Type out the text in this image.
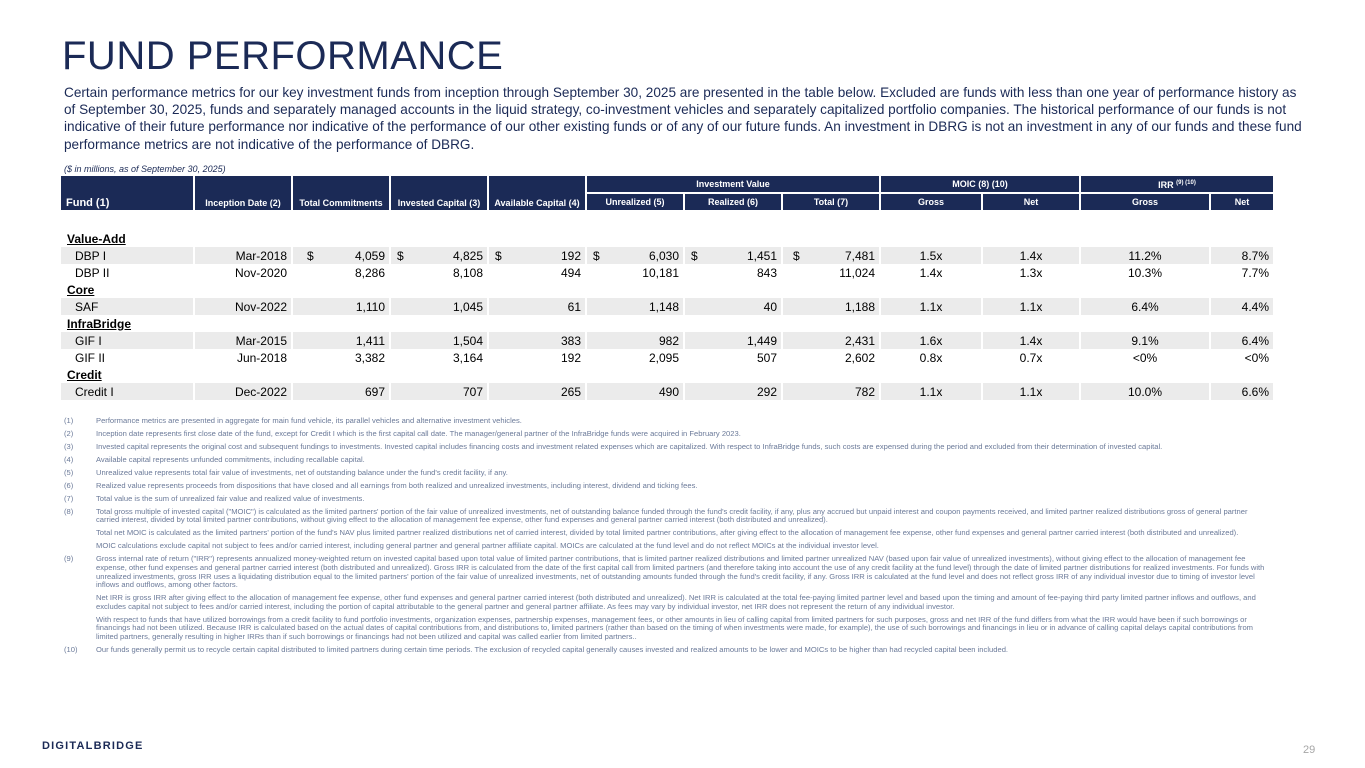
FUND PERFORMANCE

Certain performance metrics for our key investment funds from inception through September 30, 2025 are presented in the table below. Excluded are funds with less than one year of performance history as of September 30, 2025, funds and separately managed accounts in the liquid strategy, co-investment vehicles and separately capitalized portfolio companies. The historical performance of our funds is not indicative of their future performance nor indicative of the performance of our other existing funds or of any of our future funds. An investment in DBRG is not an investment in any of our funds and these fund performance metrics are not indicative of the performance of DBRG.

($ in millions, as of September 30, 2025)
Fund (1)	Inception Date (2)	Total Commitments	Invested Capital (3)	Available Capital (4)	Investment Value			MOIC (8) (10)		IRR $^{(9) (10)}$
					Unrealized (5)	Realized (6)	Total (7)	Gross	Net	Gross	Net

Value-Add											
DBP I	Mar-2018	$ 4,059	$ 4,825	$ 192	$ 6,030	$ 1,451	$ 7,481	1.5x	1.4x	11.2%	8.7%
DBP II	Nov-2020	8,286	8,108	494	10,181	843	11,024	1.4x	1.3x	10.3%	7.7%
Core											
SAF	Nov-2022	1,110	1,045	61	1,148	40	1,188	1.1x	1.1x	6.4%	4.4%
InfraBridge											
GIF I	Mar-2015	1,411	1,504	383	982	1,449	2,431	1.6x	1.4x	9.1%	6.4%
GIF II	Jun-2018	3,382	3,164	192	2,095	507	2,602	0.8x	0.7x	<0%	<0%
Credit											
Credit I	Dec-2022	697	707	265	490	292	782	1.1x	1.1x	10.0%	6.6%
(1)	Performance metrics are presented in aggregate for main fund vehicle, its parallel vehicles and alternative investment vehicles.
(2)	Inception date represents first close date of the fund, except for Credit I which is the first capital call date. The manager/general partner of the InfraBridge funds were acquired in February 2023.
(3)	Invested capital represents the original cost and subsequent fundings to investments. Invested capital includes financing costs and investment related expenses which are capitalized. With respect to InfraBridge funds, such costs are expensed during the period and excluded from their determination of invested capital.
(4)	Available capital represents unfunded commitments, including recallable capital.
(5)	Unrealized value represents total fair value of investments, net of outstanding balance under the fund's credit facility, if any.
(6)	Realized value represents proceeds from dispositions that have closed and all earnings from both realized and unrealized investments, including interest, dividend and ticking fees.
(7)	Total value is the sum of unrealized fair value and realized value of investments.
(8)	Total gross multiple of invested capital ("MOIC") is calculated as the limited partners' portion of the fair value of unrealized investments, net of outstanding balance funded through the fund's credit facility, if any, plus any accrued but unpaid interest and coupon payments received, and limited partner realized distributions gross of general partner carried interest, divided by total limited partner contributions, without giving effect to the allocation of management fee expense, other fund expenses and general partner carried interest (both distributed and unrealized).
Total net MOIC is calculated as the limited partners' portion of the fund's NAV plus limited partner realized distributions net of carried interest, divided by total limited partner contributions, after giving effect to the allocation of management fee expense, other fund expenses and general partner carried interest (both distributed and unrealized).
MOIC calculations exclude capital not subject to fees and/or carried interest, including general partner and general partner affiliate capital. MOICs are calculated at the fund level and do not reflect MOICs at the individual investor level.
(9)	Gross internal rate of return ("IRR") represents annualized money-weighted return on invested capital based upon total value of limited partner contributions, that is limited partner realized distributions and limited partner unrealized NAV (based upon fair value of unrealized investments), without giving effect to the allocation of management fee expense, other fund expenses and general partner carried interest (both distributed and unrealized). Gross IRR is calculated from the date of the first capital call from limited partners (and therefore taking into account the use of any credit facility at the fund level) through the date of limited partner distributions for realized investments. For funds with unrealized investments, gross IRR uses a liquidating distribution equal to the limited partners' portion of the fair value of unrealized investments, net of outstanding amounts funded through the fund's credit facility, if any. Gross IRR is calculated at the fund level and does not reflect gross IRR of any individual investor due to timing of investor level inflows and outflows, among other factors.
Net IRR is gross IRR after giving effect to the allocation of management fee expense, other fund expenses and general partner carried interest (both distributed and unrealized). Net IRR is calculated at the total fee-paying limited partner level and based upon the timing and amount of fee-paying third party limited partner inflows and outflows, and excludes capital not subject to fees and/or carried interest, including the portion of capital attributable to the general partner and general partner affiliate. As fees may vary by individual investor, net IRR does not represent the return of any individual investor.
With respect to funds that have utilized borrowings from a credit facility to fund portfolio investments, organization expenses, partnership expenses, management fees, or other amounts in lieu of calling capital from limited partners for such purposes, gross and net IRR of the fund differs from what the IRR would have been if such borrowings or financings had not been utilized. Because IRR is calculated based on the actual dates of capital contributions from, and distributions to, limited partners (rather than based on the timing of when investments were made, for example), the use of such borrowings and financings in lieu or in advance of calling capital delays capital contributions from limited partners, generally resulting in higher IRRs than if such borrowings or financings had not been utilized and capital was called earlier from limited partners..
(10)	Our funds generally permit us to recycle certain capital distributed to limited partners during certain time periods. The exclusion of recycled capital generally causes invested and realized amounts to be lower and MOICs to be higher than had recycled capital been included.
DIGITALBRIDGE	29
